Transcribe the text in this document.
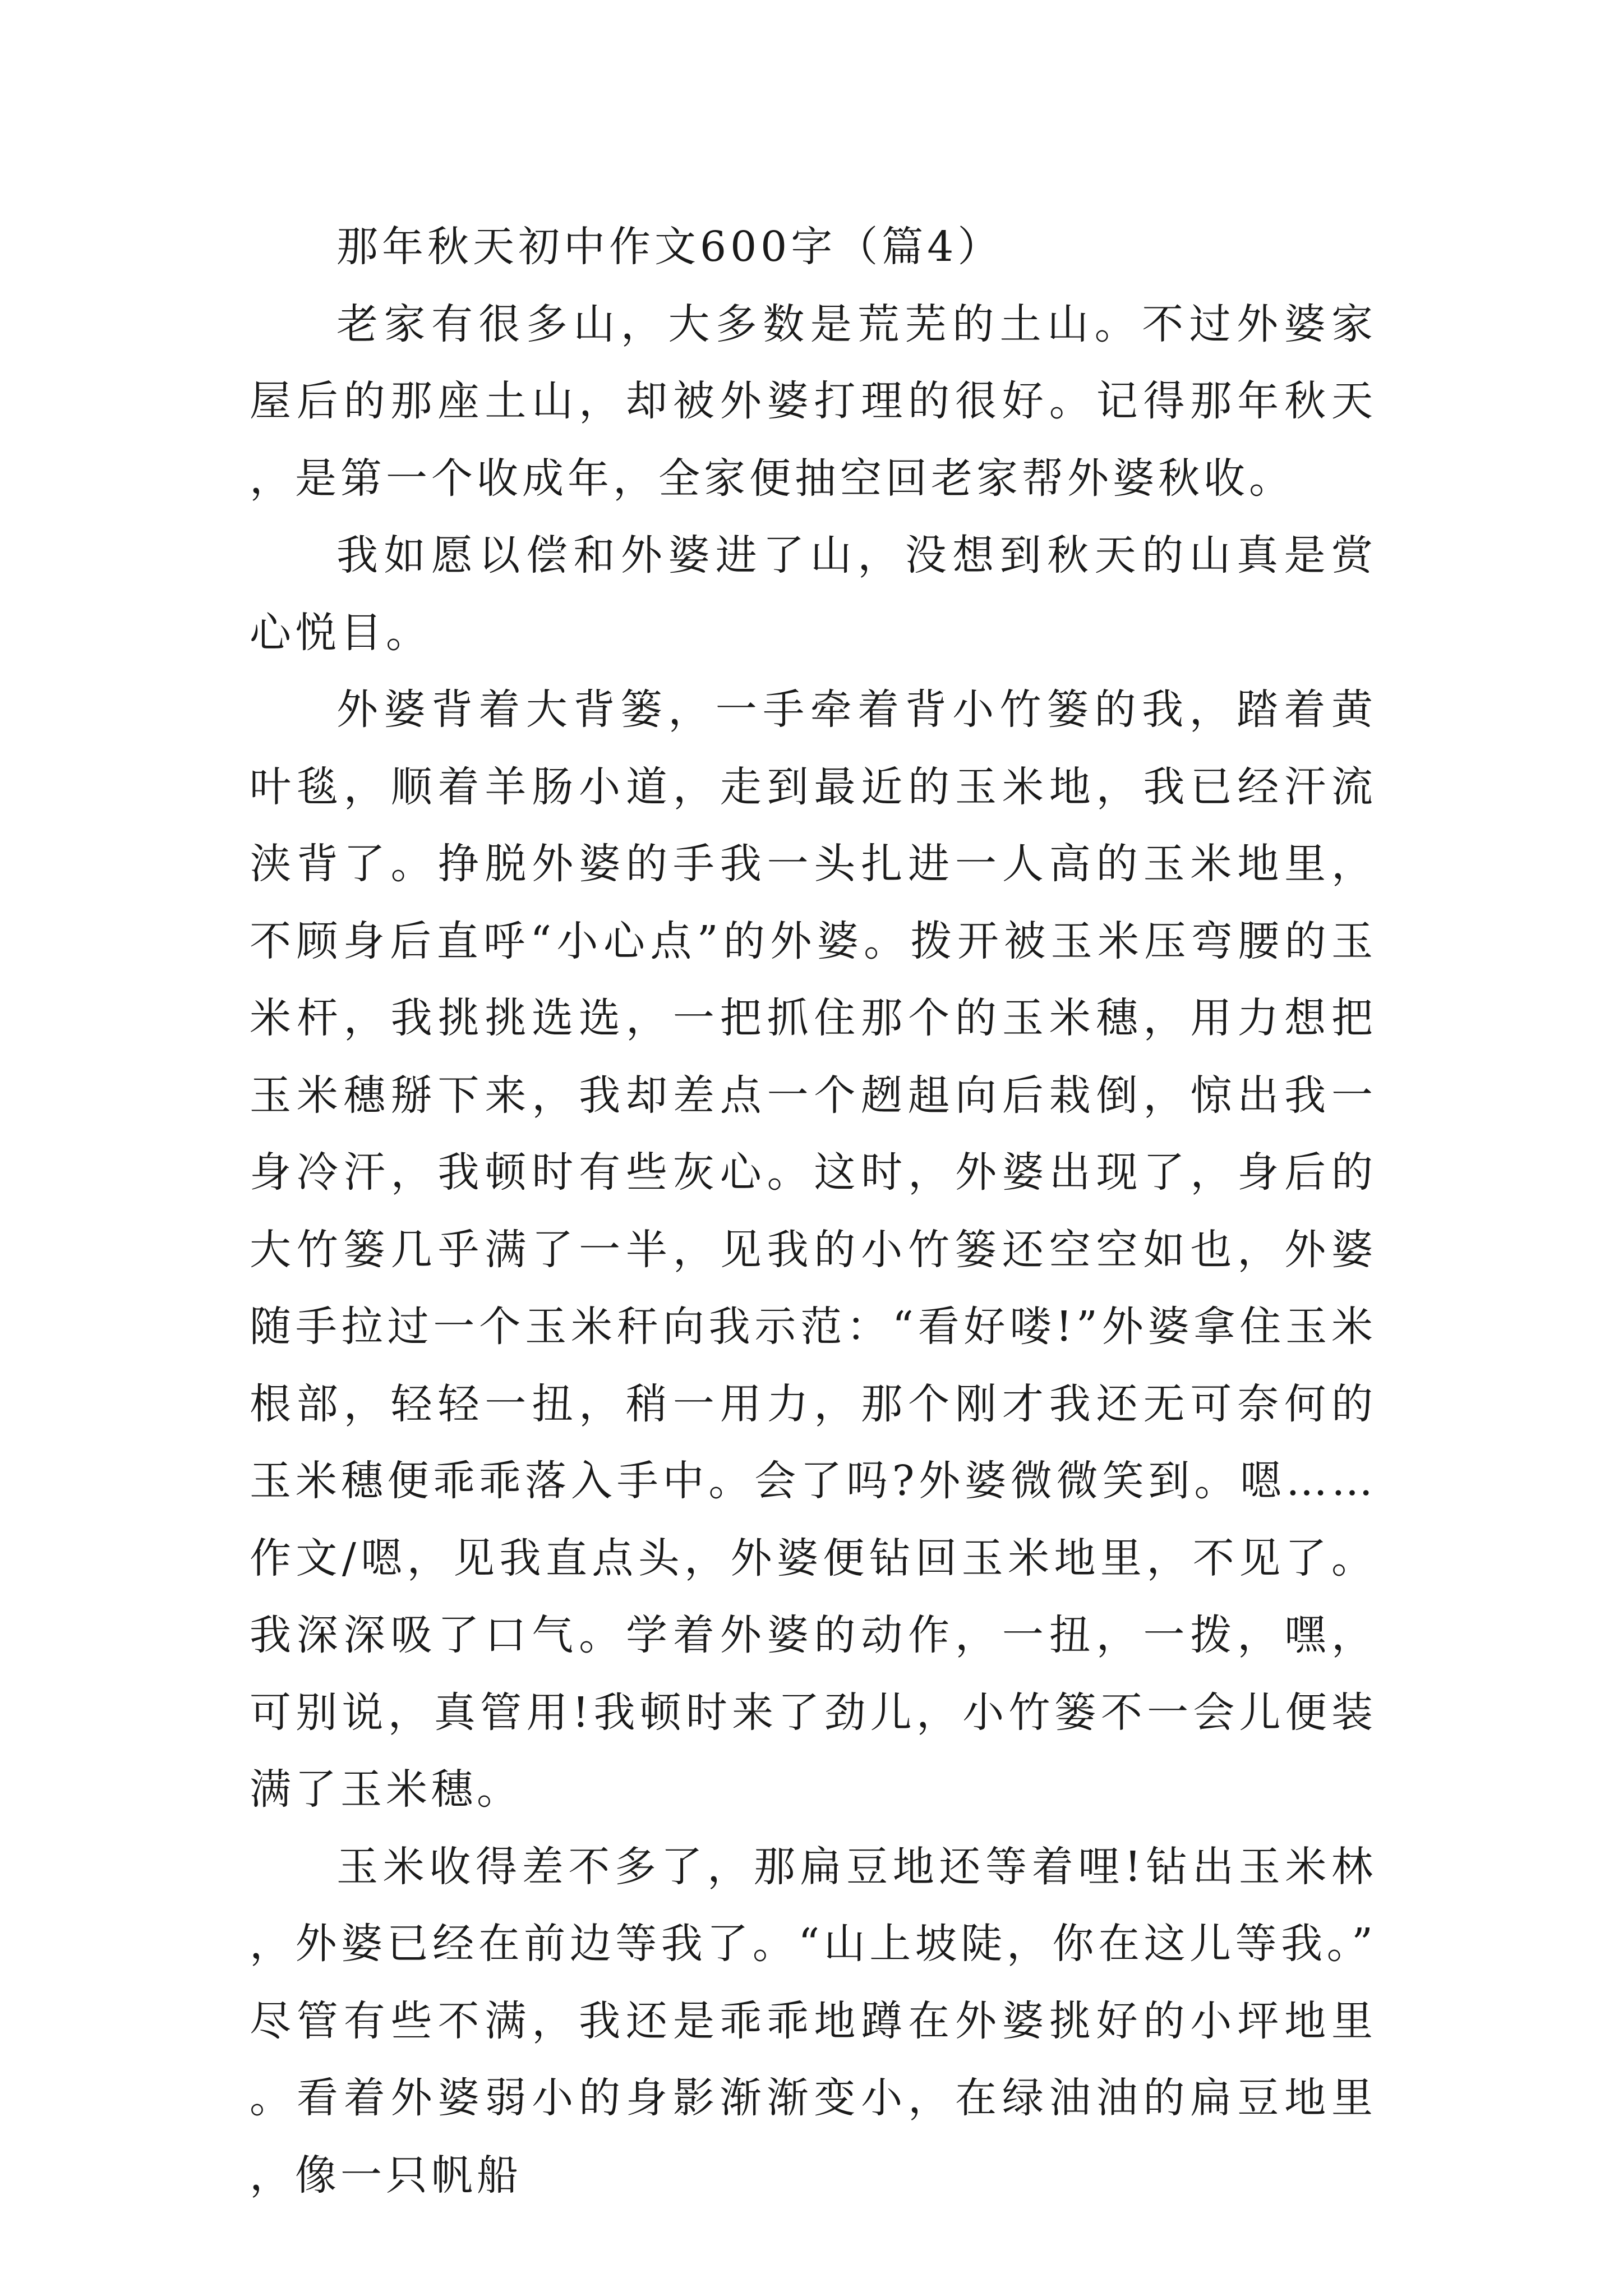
那年秋天初中作文600字（篇4）

老家有很多山，大多数是荒芜的土山。不过外婆家屋后的那座土山，却被外婆打理的很好。记得那年秋天，是第一个收成年，全家便抽空回老家帮外婆秋收。

我如愿以偿和外婆进了山，没想到秋天的山真是赏心悦目。

外婆背着大背篓，一手牵着背小竹篓的我，踏着黄叶毯，顺着羊肠小道，走到最近的玉米地，我已经汗流浃背了。挣脱外婆的手我一头扎进一人高的玉米地里，不顾身后直呼“小心点”的外婆。拨开被玉米压弯腰的玉米杆，我挑挑选选，一把抓住那个的玉米穗，用力想把玉米穗掰下来，我却差点一个趔趄向后栽倒，惊出我一身冷汗，我顿时有些灰心。这时，外婆出现了，身后的大竹篓几乎满了一半，见我的小竹篓还空空如也，外婆随手拉过一个玉米秆向我示范：“看好喽!”外婆拿住玉米根部，轻轻一扭，稍一用力，那个刚才我还无可奈何的玉米穗便乖乖落入手中。会了吗?外婆微微笑到。嗯……作文/嗯，见我直点头，外婆便钻回玉米地里，不见了。我深深吸了口气。学着外婆的动作，一扭，一拨，嘿，可别说，真管用!我顿时来了劲儿，小竹篓不一会儿便装满了玉米穗。

玉米收得差不多了，那扁豆地还等着哩!钻出玉米林，外婆已经在前边等我了。“山上坡陡，你在这儿等我。”尽管有些不满，我还是乖乖地蹲在外婆挑好的小坪地里。看着外婆弱小的身影渐渐变小，在绿油油的扁豆地里，像一只帆船
